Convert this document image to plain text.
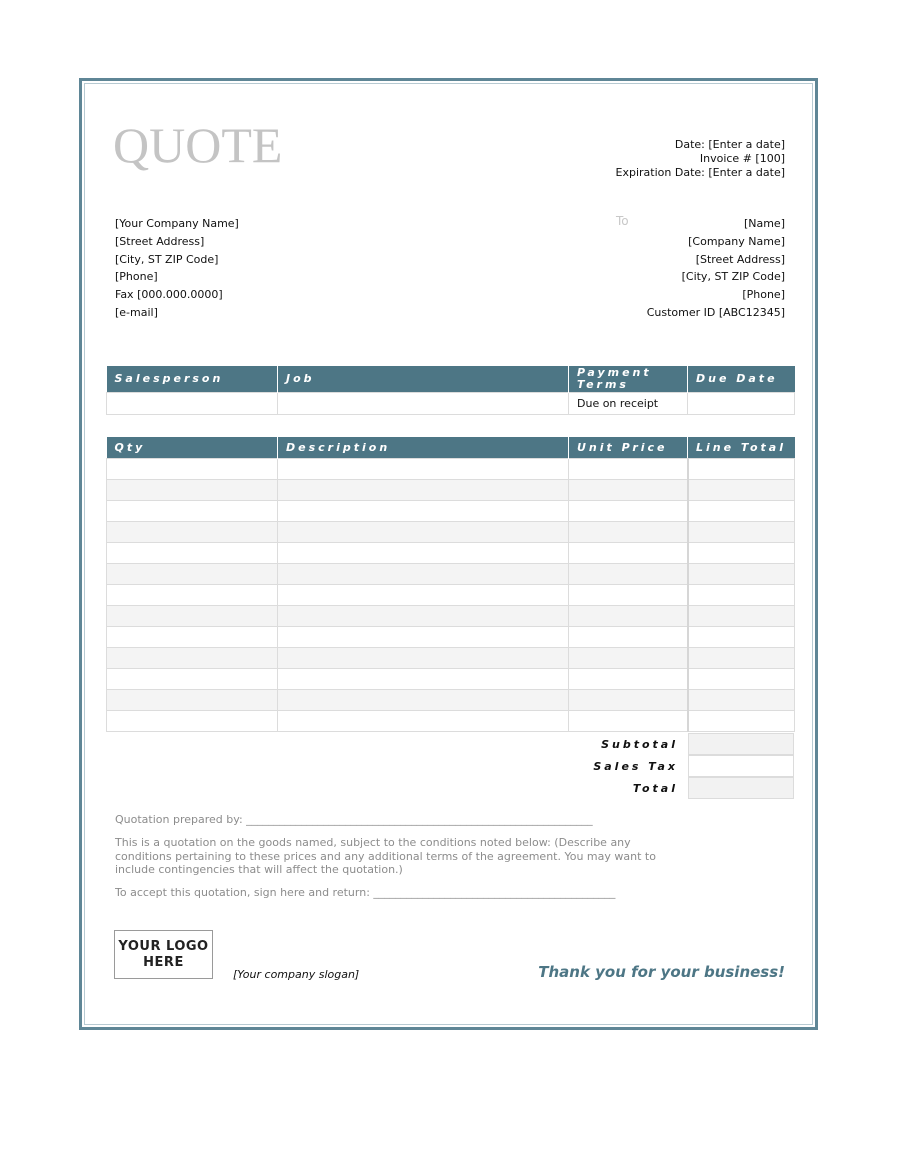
QUOTE	Date: [Enter a date]
Invoice # [100]
Expiration Date: [Enter a date]
[Your Company Name]
[Street Address]
[City, ST ZIP Code]
[Phone]
Fax [000.000.0000]
[e-mail]
To	[Name]
[Company Name]
[Street Address]
[City, ST ZIP Code]
[Phone]
Customer ID [ABC12345]
Salesperson	Job	Payment Terms	Due Date
		Due on receipt	
Qty	Description	Unit Price	Line Total

Subtotal
Sales Tax
Total
Quotation prepared by: _______________________________________________________________
This is a quotation on the goods named, subject to the conditions noted below: (Describe any conditions pertaining to these prices and any additional terms of the agreement. You may want to include contingencies that will affect the quotation.)
To accept this quotation, sign here and return: ____________________________________________
YOUR LOGO
HERE
[Your company slogan]	Thank you for your business!
